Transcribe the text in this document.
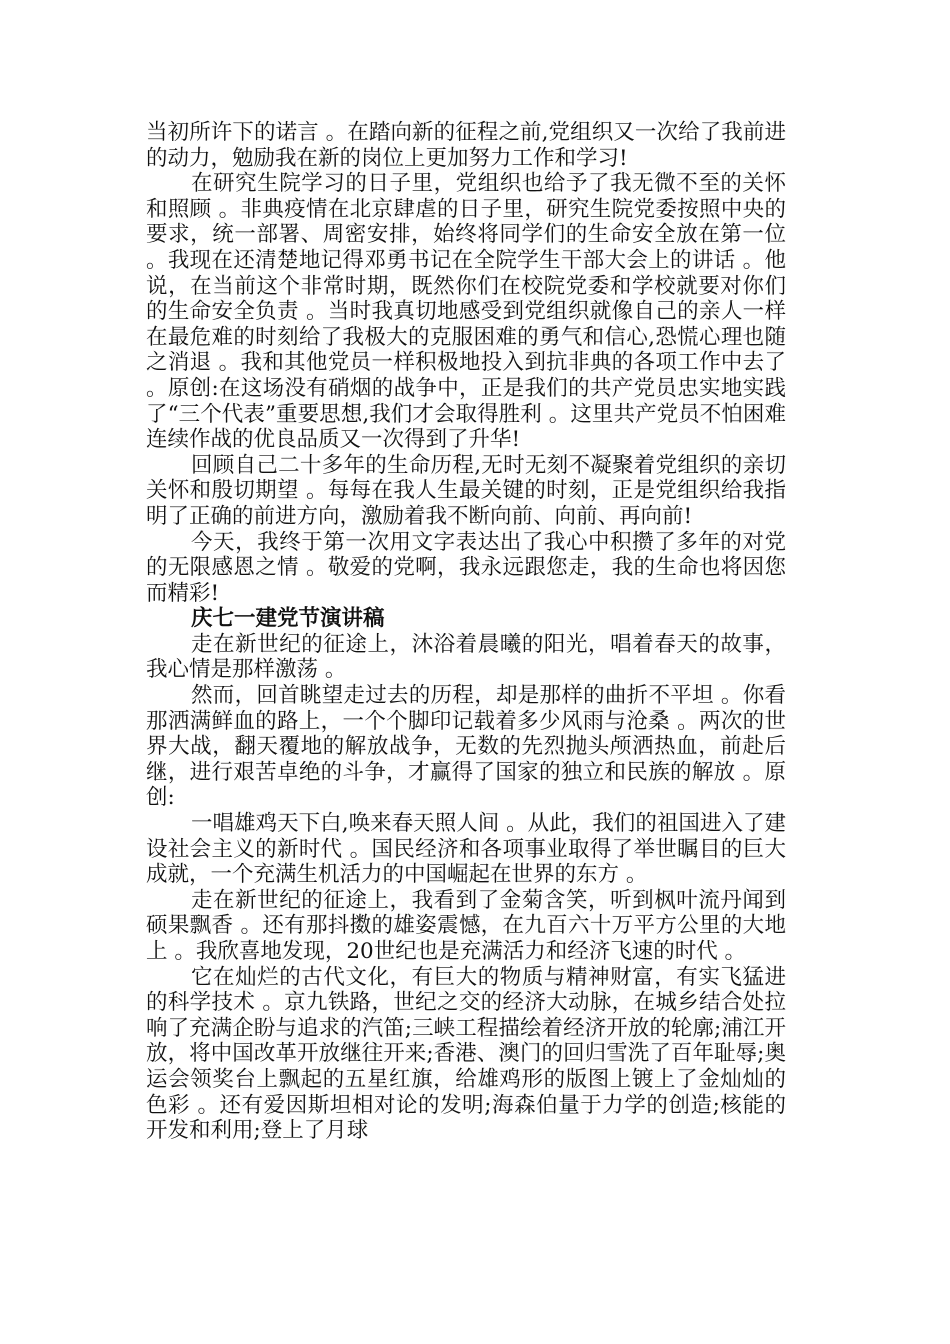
当初所许下的诺言 。在踏向新的征程之前,党组织又一次给了我前进的动力，勉励我在新的岗位上更加努力工作和学习!

在研究生院学习的日子里，党组织也给予了我无微不至的关怀和照顾 。非典疫情在北京肆虐的日子里，研究生院党委按照中央的要求，统一部署、周密安排，始终将同学们的生命安全放在第一位 。我现在还清楚地记得邓勇书记在全院学生干部大会上的讲话 。他说，在当前这个非常时期，既然你们在校院党委和学校就要对你们的生命安全负责 。当时我真切地感受到党组织就像自己的亲人一样在最危难的时刻给了我极大的克服困难的勇气和信心,恐慌心理也随之消退 。我和其他党员一样积极地投入到抗非典的各项工作中去了 。原创:在这场没有硝烟的战争中，正是我们的共产党员忠实地实践了“三个代表”重要思想,我们才会取得胜利 。这里共产党员不怕困难连续作战的优良品质又一次得到了升华!

回顾自己二十多年的生命历程,无时无刻不凝聚着党组织的亲切关怀和殷切期望 。每每在我人生最关键的时刻，正是党组织给我指明了正确的前进方向，激励着我不断向前、向前、再向前!

今天，我终于第一次用文字表达出了我心中积攒了多年的对党的无限感恩之情 。敬爱的党啊，我永远跟您走，我的生命也将因您而精彩!

庆七一建党节演讲稿

走在新世纪的征途上，沐浴着晨曦的阳光，唱着春天的故事，我心情是那样激荡 。

然而，回首眺望走过去的历程，却是那样的曲折不平坦 。你看那洒满鲜血的路上，一个个脚印记载着多少风雨与沧桑 。两次的世界大战，翻天覆地的解放战争，无数的先烈抛头颅洒热血，前赴后继，进行艰苦卓绝的斗争，才赢得了国家的独立和民族的解放 。原创:

一唱雄鸡天下白,唤来春天照人间 。从此，我们的祖国进入了建设社会主义的新时代 。国民经济和各项事业取得了举世瞩目的巨大成就，一个充满生机活力的中国崛起在世界的东方 。

走在新世纪的征途上，我看到了金菊含笑，听到枫叶流丹闻到硕果飘香 。还有那抖擞的雄姿震憾，在九百六十万平方公里的大地上 。我欣喜地发现，20世纪也是充满活力和经济飞速的时代 。

它在灿烂的古代文化，有巨大的物质与精神财富，有实飞猛进的科学技术 。京九铁路，世纪之交的经济大动脉，在城乡结合处拉响了充满企盼与追求的汽笛;三峡工程描绘着经济开放的轮廓;浦江开放，将中国改革开放继往开来;香港、澳门的回归雪洗了百年耻辱;奥运会领奖台上飘起的五星红旗，给雄鸡形的版图上镀上了金灿灿的色彩 。还有爱因斯坦相对论的发明;海森伯量于力学的创造;核能的开发和利用;登上了月球
